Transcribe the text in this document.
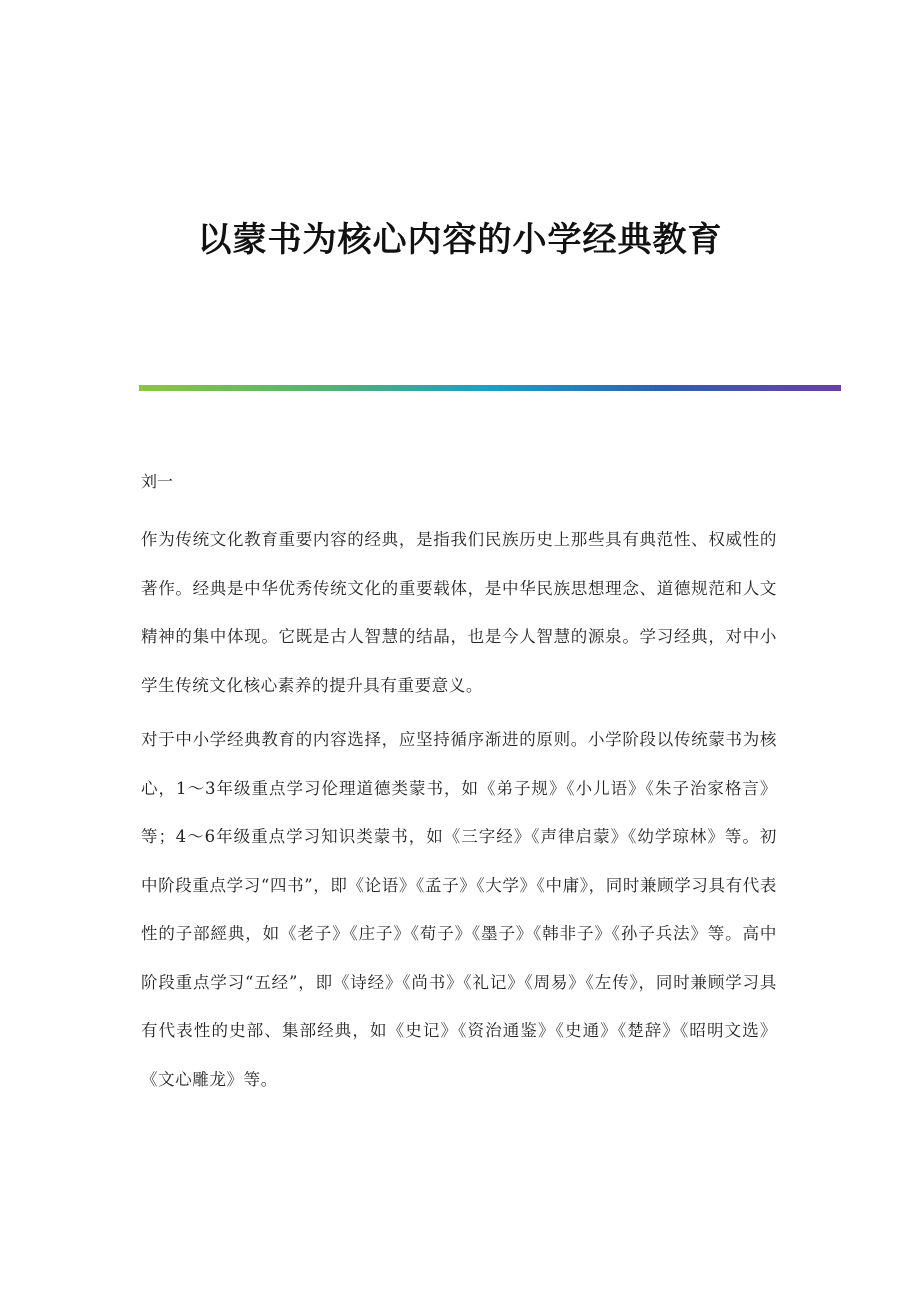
以蒙书为核心内容的小学经典教育

刘一

作为传统文化教育重要内容的经典，是指我们民族历史上那些具有典范性、权威性的著作。经典是中华优秀传统文化的重要载体，是中华民族思想理念、道德规范和人文精神的集中体现。它既是古人智慧的结晶，也是今人智慧的源泉。学习经典，对中小学生传统文化核心素养的提升具有重要意义。

对于中小学经典教育的内容选择，应坚持循序渐进的原则。小学阶段以传统蒙书为核心，1～3年级重点学习伦理道德类蒙书，如《弟子规》《小儿语》《朱子治家格言》等；4～6年级重点学习知识类蒙书，如《三字经》《声律启蒙》《幼学琼林》等。初中阶段重点学习“四书”，即《论语》《孟子》《大学》《中庸》，同时兼顾学习具有代表性的子部經典，如《老子》《庄子》《荀子》《墨子》《韩非子》《孙子兵法》等。高中阶段重点学习“五经”，即《诗经》《尚书》《礼记》《周易》《左传》，同时兼顾学习具有代表性的史部、集部经典，如《史记》《资治通鉴》《史通》《楚辞》《昭明文选》《文心雕龙》等。
